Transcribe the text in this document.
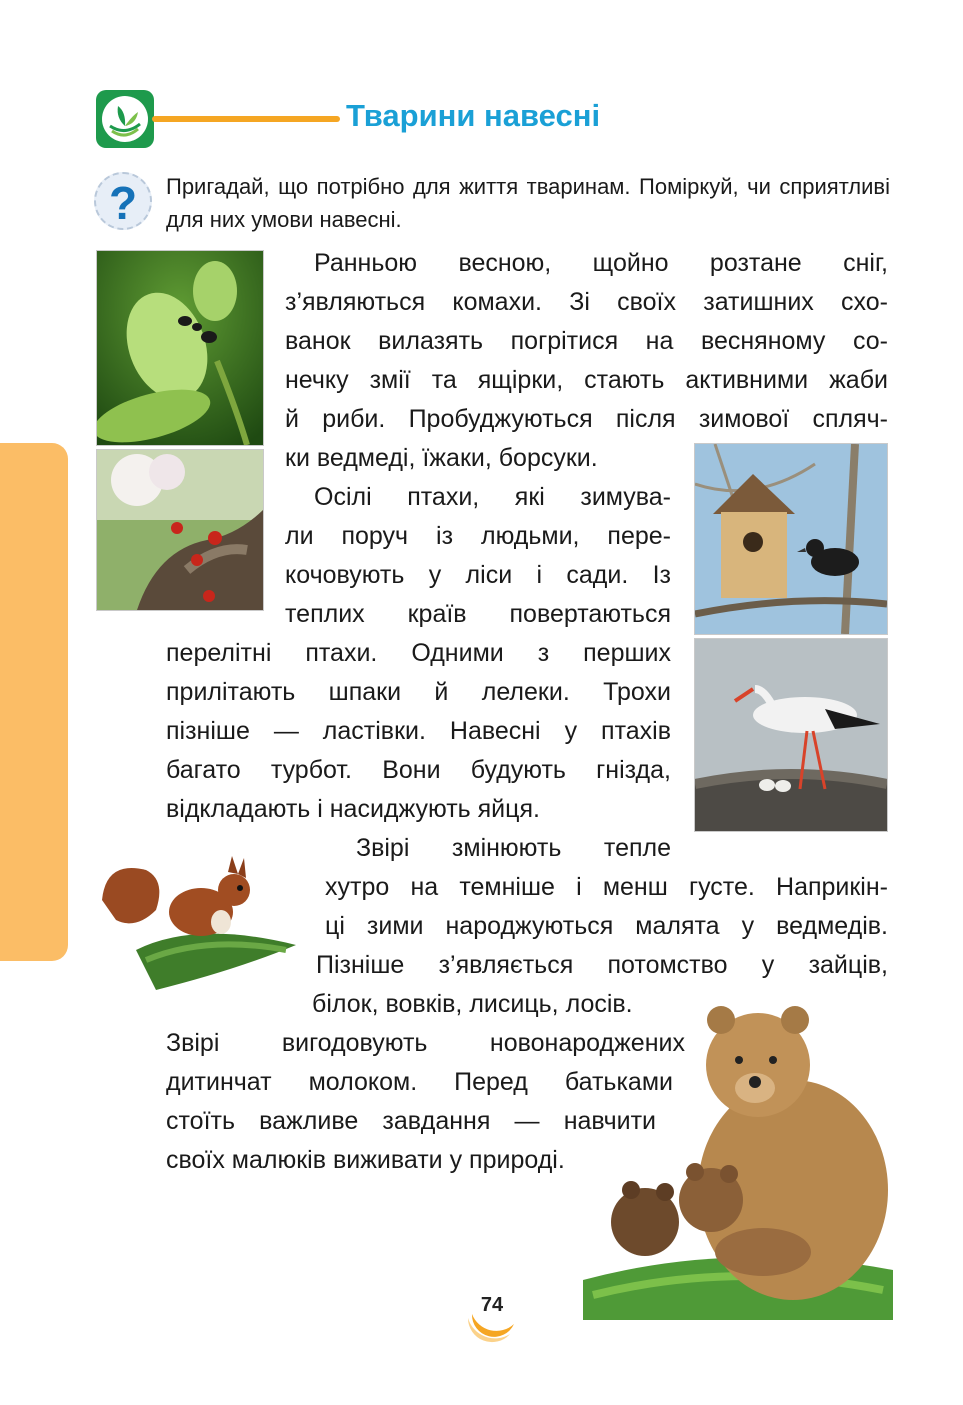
Тварини навесні
?	Пригадай, що потрібно для життя тваринам. Поміркуй, чи сприятливі для них умови навесні.
Ранньою весною, щойно розтане сніг,
з’являються комахи. Зі своїх затишних схо-
ванок вилазять погрітися на весняному со-
нечку змії та ящірки, стають активними жаби
й риби. Пробуджуються після зимової спляч-
ки ведмеді, їжаки, борсуки.
Осілі птахи, які зимува-
ли поруч із людьми, пере-
кочовують у ліси і сади. Із
теплих країв повертаються
перелітні птахи. Одними з перших
прилітають шпаки й лелеки. Трохи
пізніше — ластівки. Навесні у птахів
багато турбот. Вони будують гнізда,
відкладають і насиджують яйця.
Звірі змінюють тепле
хутро на темніше і менш густе. Наприкін-
ці зими народжуються малята у ведмедів.
Пізніше з’являється потомство у зайців,
білок, вовків, лисиць, лосів.
Звірі вигодовують новонароджених
дитинчат молоком. Перед батьками
стоїть важливе завдання — навчити
своїх малюків виживати у природі.
74
